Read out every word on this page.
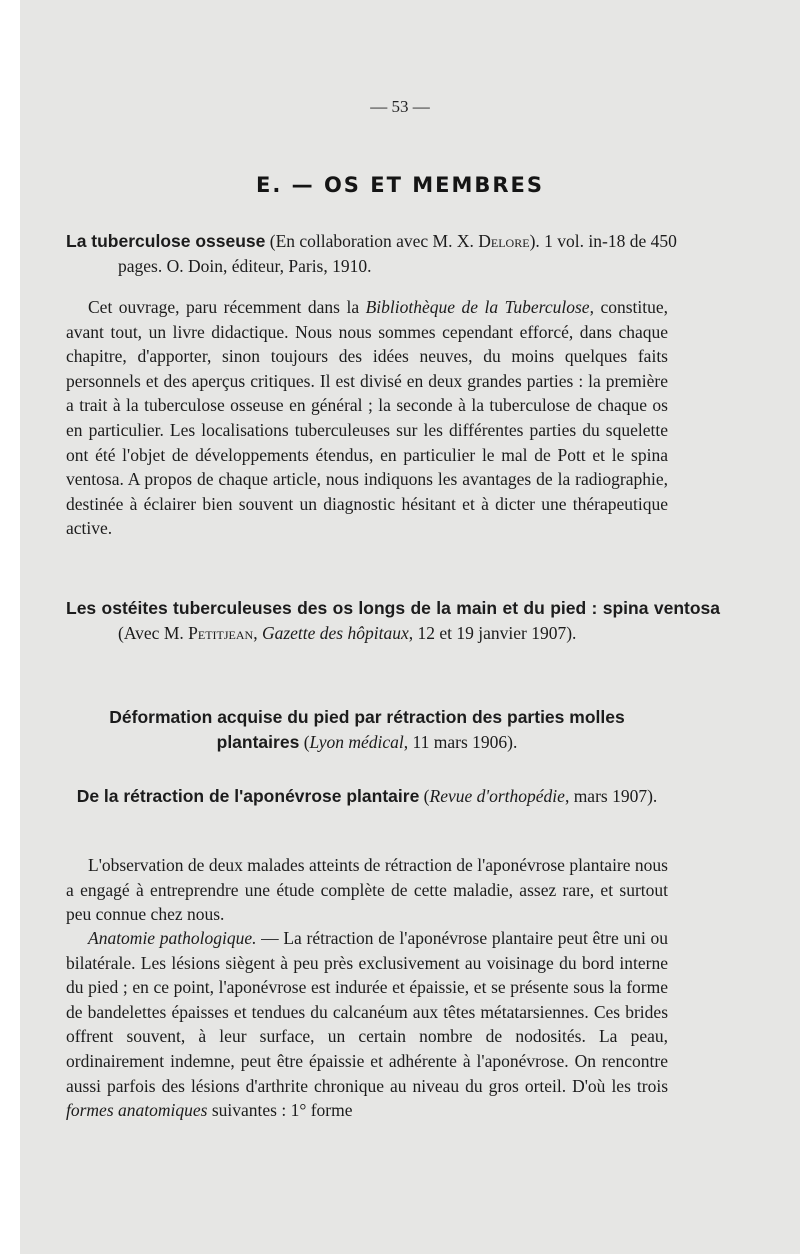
— 53 —
E. — OS ET MEMBRES
La tuberculose osseuse (En collaboration avec M. X. Delore). 1 vol. in-18 de 450 pages. O. Doin, éditeur, Paris, 1910.

Cet ouvrage, paru récemment dans la Bibliothèque de la Tuberculose, constitue, avant tout, un livre didactique. Nous nous sommes cependant efforcé, dans chaque chapitre, d'apporter, sinon toujours des idées neuves, du moins quelques faits personnels et des aperçus critiques. Il est divisé en deux grandes parties : la première a trait à la tuberculose osseuse en général ; la seconde à la tuberculose de chaque os en particulier. Les localisations tuberculeuses sur les différentes parties du squelette ont été l'objet de développements étendus, en particulier le mal de Pott et le spina ventosa. A propos de chaque article, nous indiquons les avantages de la radiographie, destinée à éclairer bien souvent un diagnostic hésitant et à dicter une thérapeutique active.

Les ostéites tuberculeuses des os longs de la main et du pied : spina ventosa (Avec M. Petitjean, Gazette des hôpitaux, 12 et 19 janvier 1907).
Déformation acquise du pied par rétraction des parties molles plantaires (Lyon médical, 11 mars 1906).
De la rétraction de l'aponévrose plantaire (Revue d'orthopédie, mars 1907).

L'observation de deux malades atteints de rétraction de l'aponévrose plantaire nous a engagé à entreprendre une étude complète de cette maladie, assez rare, et surtout peu connue chez nous.

Anatomie pathologique. — La rétraction de l'aponévrose plantaire peut être uni ou bilatérale. Les lésions siègent à peu près exclusivement au voisinage du bord interne du pied ; en ce point, l'aponévrose est indurée et épaissie, et se présente sous la forme de bandelettes épaisses et tendues du calcanéum aux têtes métatarsiennes. Ces brides offrent souvent, à leur surface, un certain nombre de nodosités. La peau, ordinairement indemne, peut être épaissie et adhérente à l'aponévrose. On rencontre aussi parfois des lésions d'arthrite chronique au niveau du gros orteil. D'où les trois formes anatomiques suivantes : 1° forme
